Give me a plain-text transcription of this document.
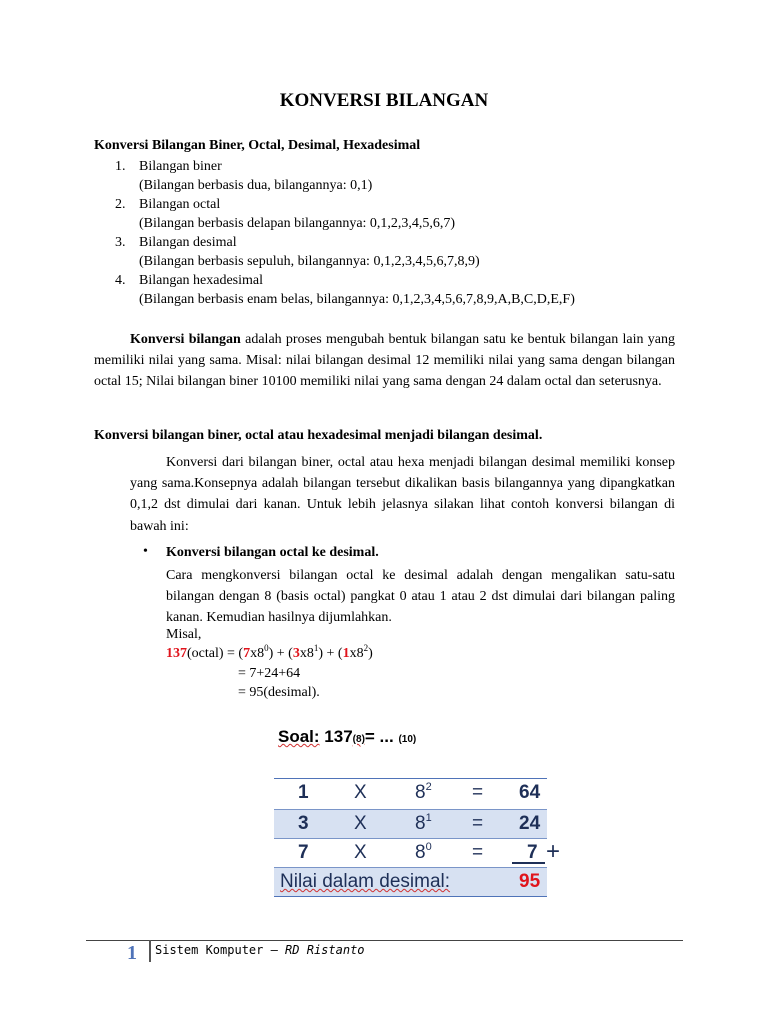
KONVERSI BILANGAN
Konversi Bilangan Biner, Octal, Desimal, Hexadesimal
1. Bilangan biner
(Bilangan berbasis dua, bilangannya: 0,1)
2. Bilangan octal
(Bilangan berbasis delapan bilangannya: 0,1,2,3,4,5,6,7)
3. Bilangan desimal
(Bilangan berbasis sepuluh, bilangannya: 0,1,2,3,4,5,6,7,8,9)
4. Bilangan hexadesimal
(Bilangan berbasis enam belas, bilangannya: 0,1,2,3,4,5,6,7,8,9,A,B,C,D,E,F)
Konversi bilangan adalah proses mengubah bentuk bilangan satu ke bentuk bilangan lain yang memiliki nilai yang sama. Misal: nilai bilangan desimal 12 memiliki nilai yang sama dengan bilangan octal 15; Nilai bilangan biner 10100 memiliki nilai yang sama dengan 24 dalam octal dan seterusnya.
Konversi bilangan biner, octal atau hexadesimal menjadi bilangan desimal.
Konversi dari bilangan biner, octal atau hexa menjadi bilangan desimal memiliki konsep yang sama.Konsepnya adalah bilangan tersebut dikalikan basis bilangannya yang dipangkatkan 0,1,2 dst dimulai dari kanan. Untuk lebih jelasnya silakan lihat contoh konversi bilangan di bawah ini:
• Konversi bilangan octal ke desimal.
Cara mengkonversi bilangan octal ke desimal adalah dengan mengalikan satu-satu bilangan dengan 8 (basis octal) pangkat 0 atau 1 atau 2 dst dimulai dari bilangan paling kanan. Kemudian hasilnya dijumlahkan.
Misal,
137(octal) = $(7x8^0) + (3x8^1) + (1x8^2)$
= 7+24+64
= 95(desimal).
Soal: 137(8)= ... (10)
1 X	$8^2 = 64$
3 X	$8^1 = 24$
7 X	$8^0 = 7$
Nilai dalam desimal:	95
+
1 Sistem Komputer – RD Ristanto
